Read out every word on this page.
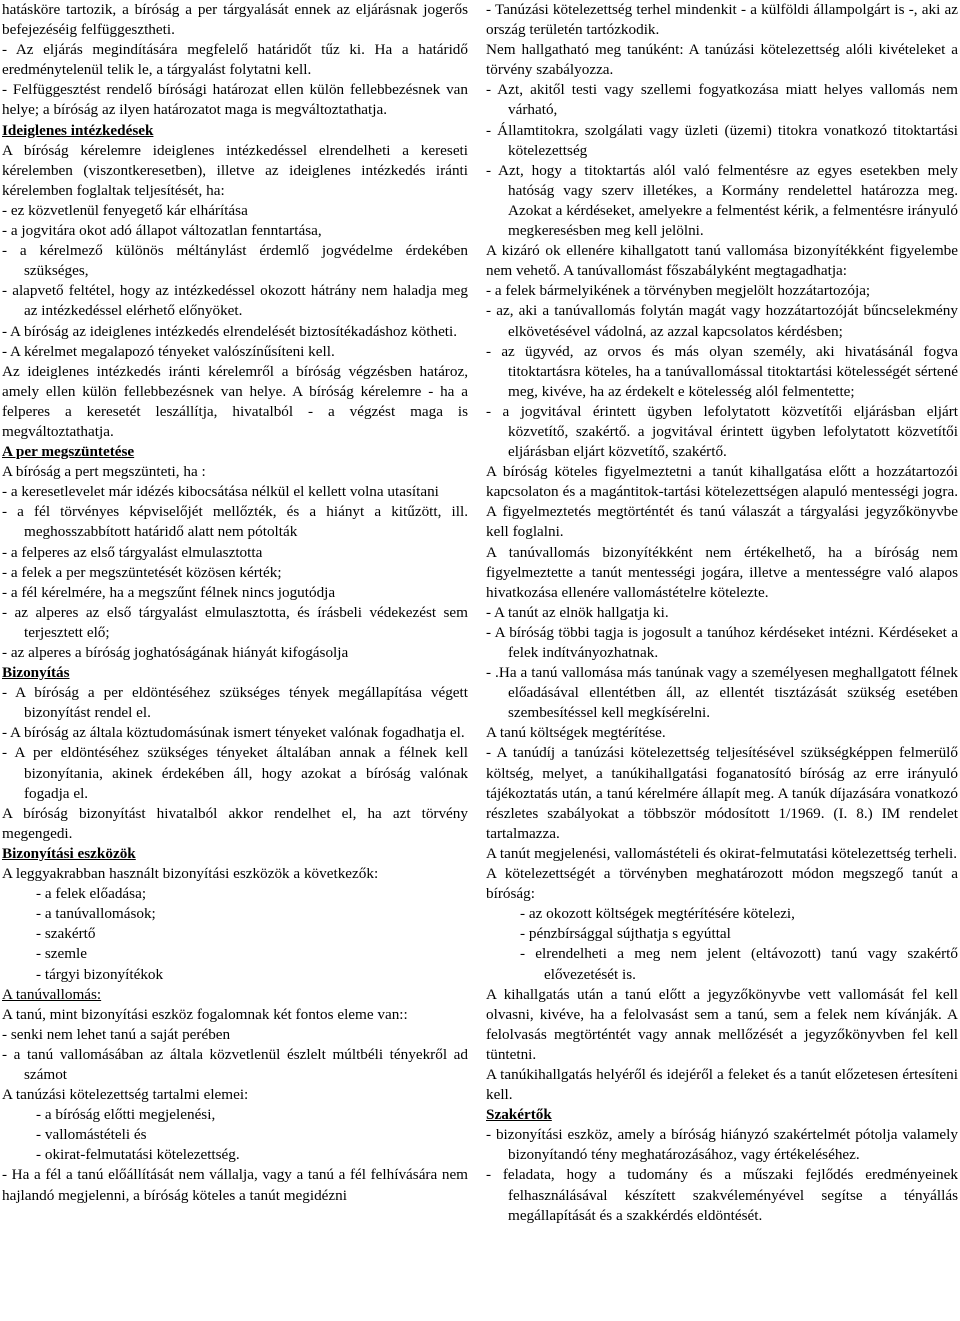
hatásköre tartozik, a bíróság a per tárgyalását ennek az eljárásnak jogerős befejezéséig felfüggesztheti.
- Az eljárás megindítására megfelelő határidőt tűz ki. Ha a határidő eredménytelenül telik le, a tárgyalást folytatni kell.
- Felfüggesztést rendelő bírósági határozat ellen külön fellebbezésnek van helye; a bíróság az ilyen határozatot maga is megváltoztathatja.
Ideiglenes intézkedések
A bíróság kérelemre ideiglenes intézkedéssel elrendelheti a kereseti kérelemben (viszontkeresetben), illetve az ideiglenes intézkedés iránti kérelemben foglaltak teljesítését, ha:
- ez közvetlenül fenyegető kár elhárítása
- a jogvitára okot adó állapot változatlan fenntartása,
- a kérelmező különös méltánylást érdemlő jogvédelme érdekében szükséges,
- alapvető feltétel, hogy az intézkedéssel okozott hátrány nem haladja meg az intézkedéssel elérhető előnyöket.
- A bíróság az ideiglenes intézkedés elrendelését biztosítékadáshoz kötheti.
- A kérelmet megalapozó tényeket valószínűsíteni kell.
Az ideiglenes intézkedés iránti kérelemről a bíróság végzésben határoz, amely ellen külön fellebbezésnek van helye. A bíróság kérelemre - ha a felperes a keresetét leszállítja, hivatalból - a végzést maga is megváltoztathatja.
A per megszüntetése
A bíróság a pert megszünteti, ha :
- a keresetlevelet már idézés kibocsátása nélkül el kellett volna utasítani
- a fél törvényes képviselőjét mellőzték, és a hiányt a kitűzött, ill. meghosszabbított határidő alatt nem pótolták
- a felperes az első tárgyalást elmulasztotta
- a felek a per megszüntetését közösen kérték;
- a fél kérelmére, ha a megszűnt félnek nincs jogutódja
- az alperes az első tárgyalást elmulasztotta, és írásbeli védekezést sem terjesztett elő;
- az alperes a bíróság joghatóságának hiányát kifogásolja
Bizonyítás
- A bíróság a per eldöntéséhez szükséges tények megállapítása végett bizonyítást rendel el.
- A bíróság az általa köztudomásúnak ismert tényeket valónak fogadhatja el.
- A per eldöntéséhez szükséges tényeket általában annak a félnek kell bizonyítania, akinek érdekében áll, hogy azokat a bíróság valónak fogadja el.
A bíróság bizonyítást hivatalból akkor rendelhet el, ha azt törvény megengedi.
Bizonyítási eszközök
A leggyakrabban használt bizonyítási eszközök a következők:
- a felek előadása;
- a tanúvallomások;
- szakértő
- szemle
- tárgyi bizonyítékok
A tanúvallomás:
A tanú, mint bizonyítási eszköz fogalomnak két fontos eleme van::
- senki nem lehet tanú a saját perében
- a tanú vallomásában az általa közvetlenül észlelt múltbéli tényekről ad számot
A tanúzási kötelezettség tartalmi elemei:
- a bíróság előtti megjelenési,
- vallomástételi és
- okirat-felmutatási kötelezettség.
- Ha a fél a tanú előállítását nem vállalja, vagy a tanú a fél felhívására nem hajlandó megjelenni, a bíróság köteles a tanút megidézni
- Tanúzási kötelezettség terhel mindenkit - a külföldi állampolgárt is -, aki az ország területén tartózkodik.
Nem hallgatható meg tanúként: A tanúzási kötelezettség alóli kivételeket a törvény szabályozza.
- Azt, akitől testi vagy szellemi fogyatkozása miatt helyes vallomás nem várható,
- Államtitokra, szolgálati vagy üzleti (üzemi) titokra vonatkozó titoktartási kötelezettség
- Azt, hogy a titoktartás alól való felmentésre az egyes esetekben mely hatóság vagy szerv illetékes, a Kormány rendelettel határozza meg. Azokat a kérdéseket, amelyekre a felmentést kérik, a felmentésre irányuló megkeresésben meg kell jelölni.
A kizáró ok ellenére kihallgatott tanú vallomása bizonyítékként figyelembe nem vehető. A tanúvallomást főszabályként megtagadhatja:
- a felek bármelyikének a törvényben megjelölt hozzátartozója;
- az, aki a tanúvallomás folytán magát vagy hozzátartozóját bűncselekmény elkövetésével vádolná, az azzal kapcsolatos kérdésben;
- az ügyvéd, az orvos és más olyan személy, aki hivatásánál fogva titoktartásra köteles, ha a tanúvallomással titoktartási kötelességét sértené meg, kivéve, ha az érdekelt e kötelesség alól felmentette;
- a jogvitával érintett ügyben lefolytatott közvetítői eljárásban eljárt közvetítő, szakértő. a jogvitával érintett ügyben lefolytatott közvetítői eljárásban eljárt közvetítő, szakértő.
A bíróság köteles figyelmeztetni a tanút kihallgatása előtt a hozzátartozói kapcsolaton és a magántitok-tartási kötelezettségen alapuló mentességi jogra. A figyelmeztetés megtörténtét és tanú válaszát a tárgyalási jegyzőkönyvbe kell foglalni.
A tanúvallomás bizonyítékként nem értékelhető, ha a bíróság nem figyelmeztette a tanút mentességi jogára, illetve a mentességre való alapos hivatkozása ellenére vallomástételre kötelezte.
- A tanút az elnök hallgatja ki.
- A bíróság többi tagja is jogosult a tanúhoz kérdéseket intézni. Kérdéseket a felek indítványozhatnak.
- .Ha a tanú vallomása más tanúnak vagy a személyesen meghallgatott félnek előadásával ellentétben áll, az ellentét tisztázását szükség esetében szembesítéssel kell megkísérelni.
A tanú költségek megtérítése.
- A tanúdíj a tanúzási kötelezettség teljesítésével szükségképpen felmerülő költség, melyet, a tanúkihallgatási foganatosító bíróság az erre irányuló tájékoztatás után, a tanú kérelmére állapít meg. A tanúk díjazására vonatkozó részletes szabályokat a többször módosított 1/1969. (I. 8.) IM rendelet tartalmazza.
A tanút megjelenési, vallomástételi és okirat-felmutatási kötelezettség terheli.
A kötelezettségét a törvényben meghatározott módon megszegő tanút a bíróság:
- az okozott költségek megtérítésére kötelezi,
- pénzbírsággal sújthatja s egyúttal
- elrendelheti a meg nem jelent (eltávozott) tanú vagy szakértő elővezetését is.
A kihallgatás után a tanú előtt a jegyzőkönyvbe vett vallomását fel kell olvasni, kivéve, ha a felolvasást sem a tanú, sem a felek nem kívánják. A felolvasás megtörténtét vagy annak mellőzését a jegyzőkönyvben fel kell tüntetni.
A tanúkihallgatás helyéről és idejéről a feleket és a tanút előzetesen értesíteni kell.
Szakértők
- bizonyítási eszköz, amely a bíróság hiányzó szakértelmét pótolja valamely bizonyítandó tény meghatározásához, vagy értékeléséhez.
- feladata, hogy a tudomány és a műszaki fejlődés eredményeinek felhasználásával készített szakvéleményével segítse a tényállás megállapítását és a szakkérdés eldöntését.
